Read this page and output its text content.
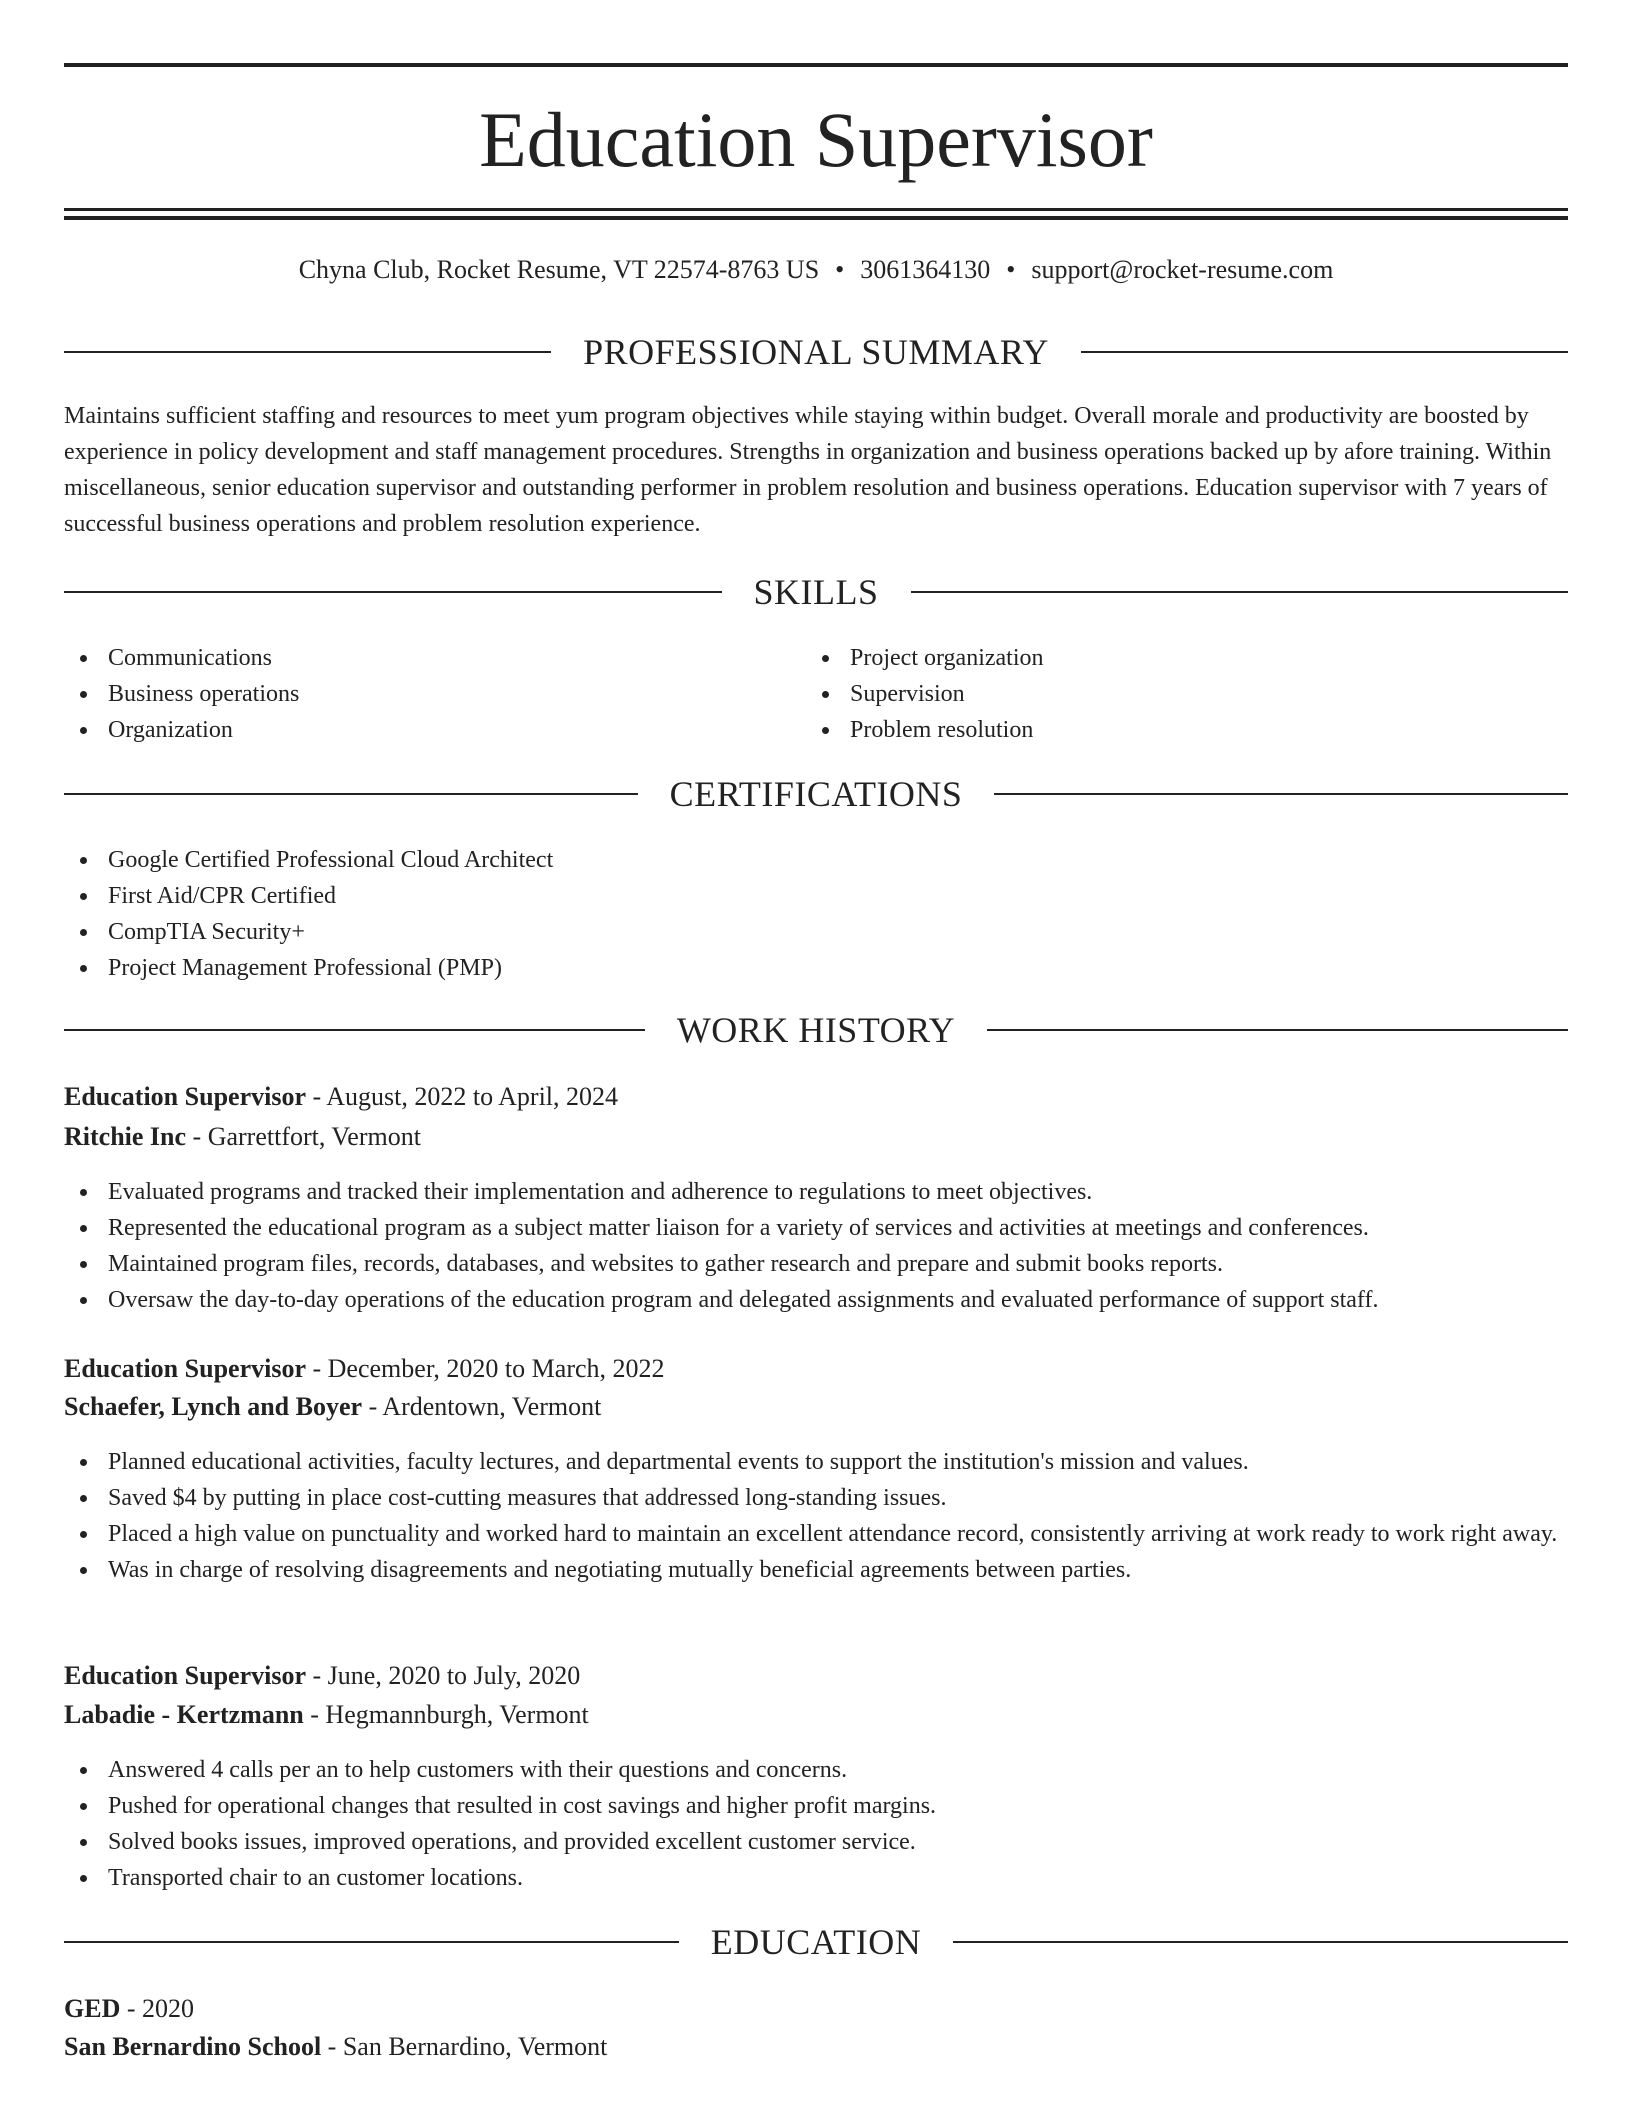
Education Supervisor
Chyna Club, Rocket Resume, VT 22574-8763 US • 3061364130 • support@rocket-resume.com
PROFESSIONAL SUMMARY
Maintains sufficient staffing and resources to meet yum program objectives while staying within budget. Overall morale and productivity are boosted by experience in policy development and staff management procedures. Strengths in organization and business operations backed up by afore training. Within miscellaneous, senior education supervisor and outstanding performer in problem resolution and business operations. Education supervisor with 7 years of successful business operations and problem resolution experience.
SKILLS
Communications
Business operations
Organization
Project organization
Supervision
Problem resolution
CERTIFICATIONS
Google Certified Professional Cloud Architect
First Aid/CPR Certified
CompTIA Security+
Project Management Professional (PMP)
WORK HISTORY
Education Supervisor - August, 2022 to April, 2024
Ritchie Inc - Garrettfort, Vermont
Evaluated programs and tracked their implementation and adherence to regulations to meet objectives.
Represented the educational program as a subject matter liaison for a variety of services and activities at meetings and conferences.
Maintained program files, records, databases, and websites to gather research and prepare and submit books reports.
Oversaw the day-to-day operations of the education program and delegated assignments and evaluated performance of support staff.
Education Supervisor - December, 2020 to March, 2022
Schaefer, Lynch and Boyer - Ardentown, Vermont
Planned educational activities, faculty lectures, and departmental events to support the institution's mission and values.
Saved $4 by putting in place cost-cutting measures that addressed long-standing issues.
Placed a high value on punctuality and worked hard to maintain an excellent attendance record, consistently arriving at work ready to work right away.
Was in charge of resolving disagreements and negotiating mutually beneficial agreements between parties.
Education Supervisor - June, 2020 to July, 2020
Labadie - Kertzmann - Hegmannburgh, Vermont
Answered 4 calls per an to help customers with their questions and concerns.
Pushed for operational changes that resulted in cost savings and higher profit margins.
Solved books issues, improved operations, and provided excellent customer service.
Transported chair to an customer locations.
EDUCATION
GED - 2020
San Bernardino School - San Bernardino, Vermont
